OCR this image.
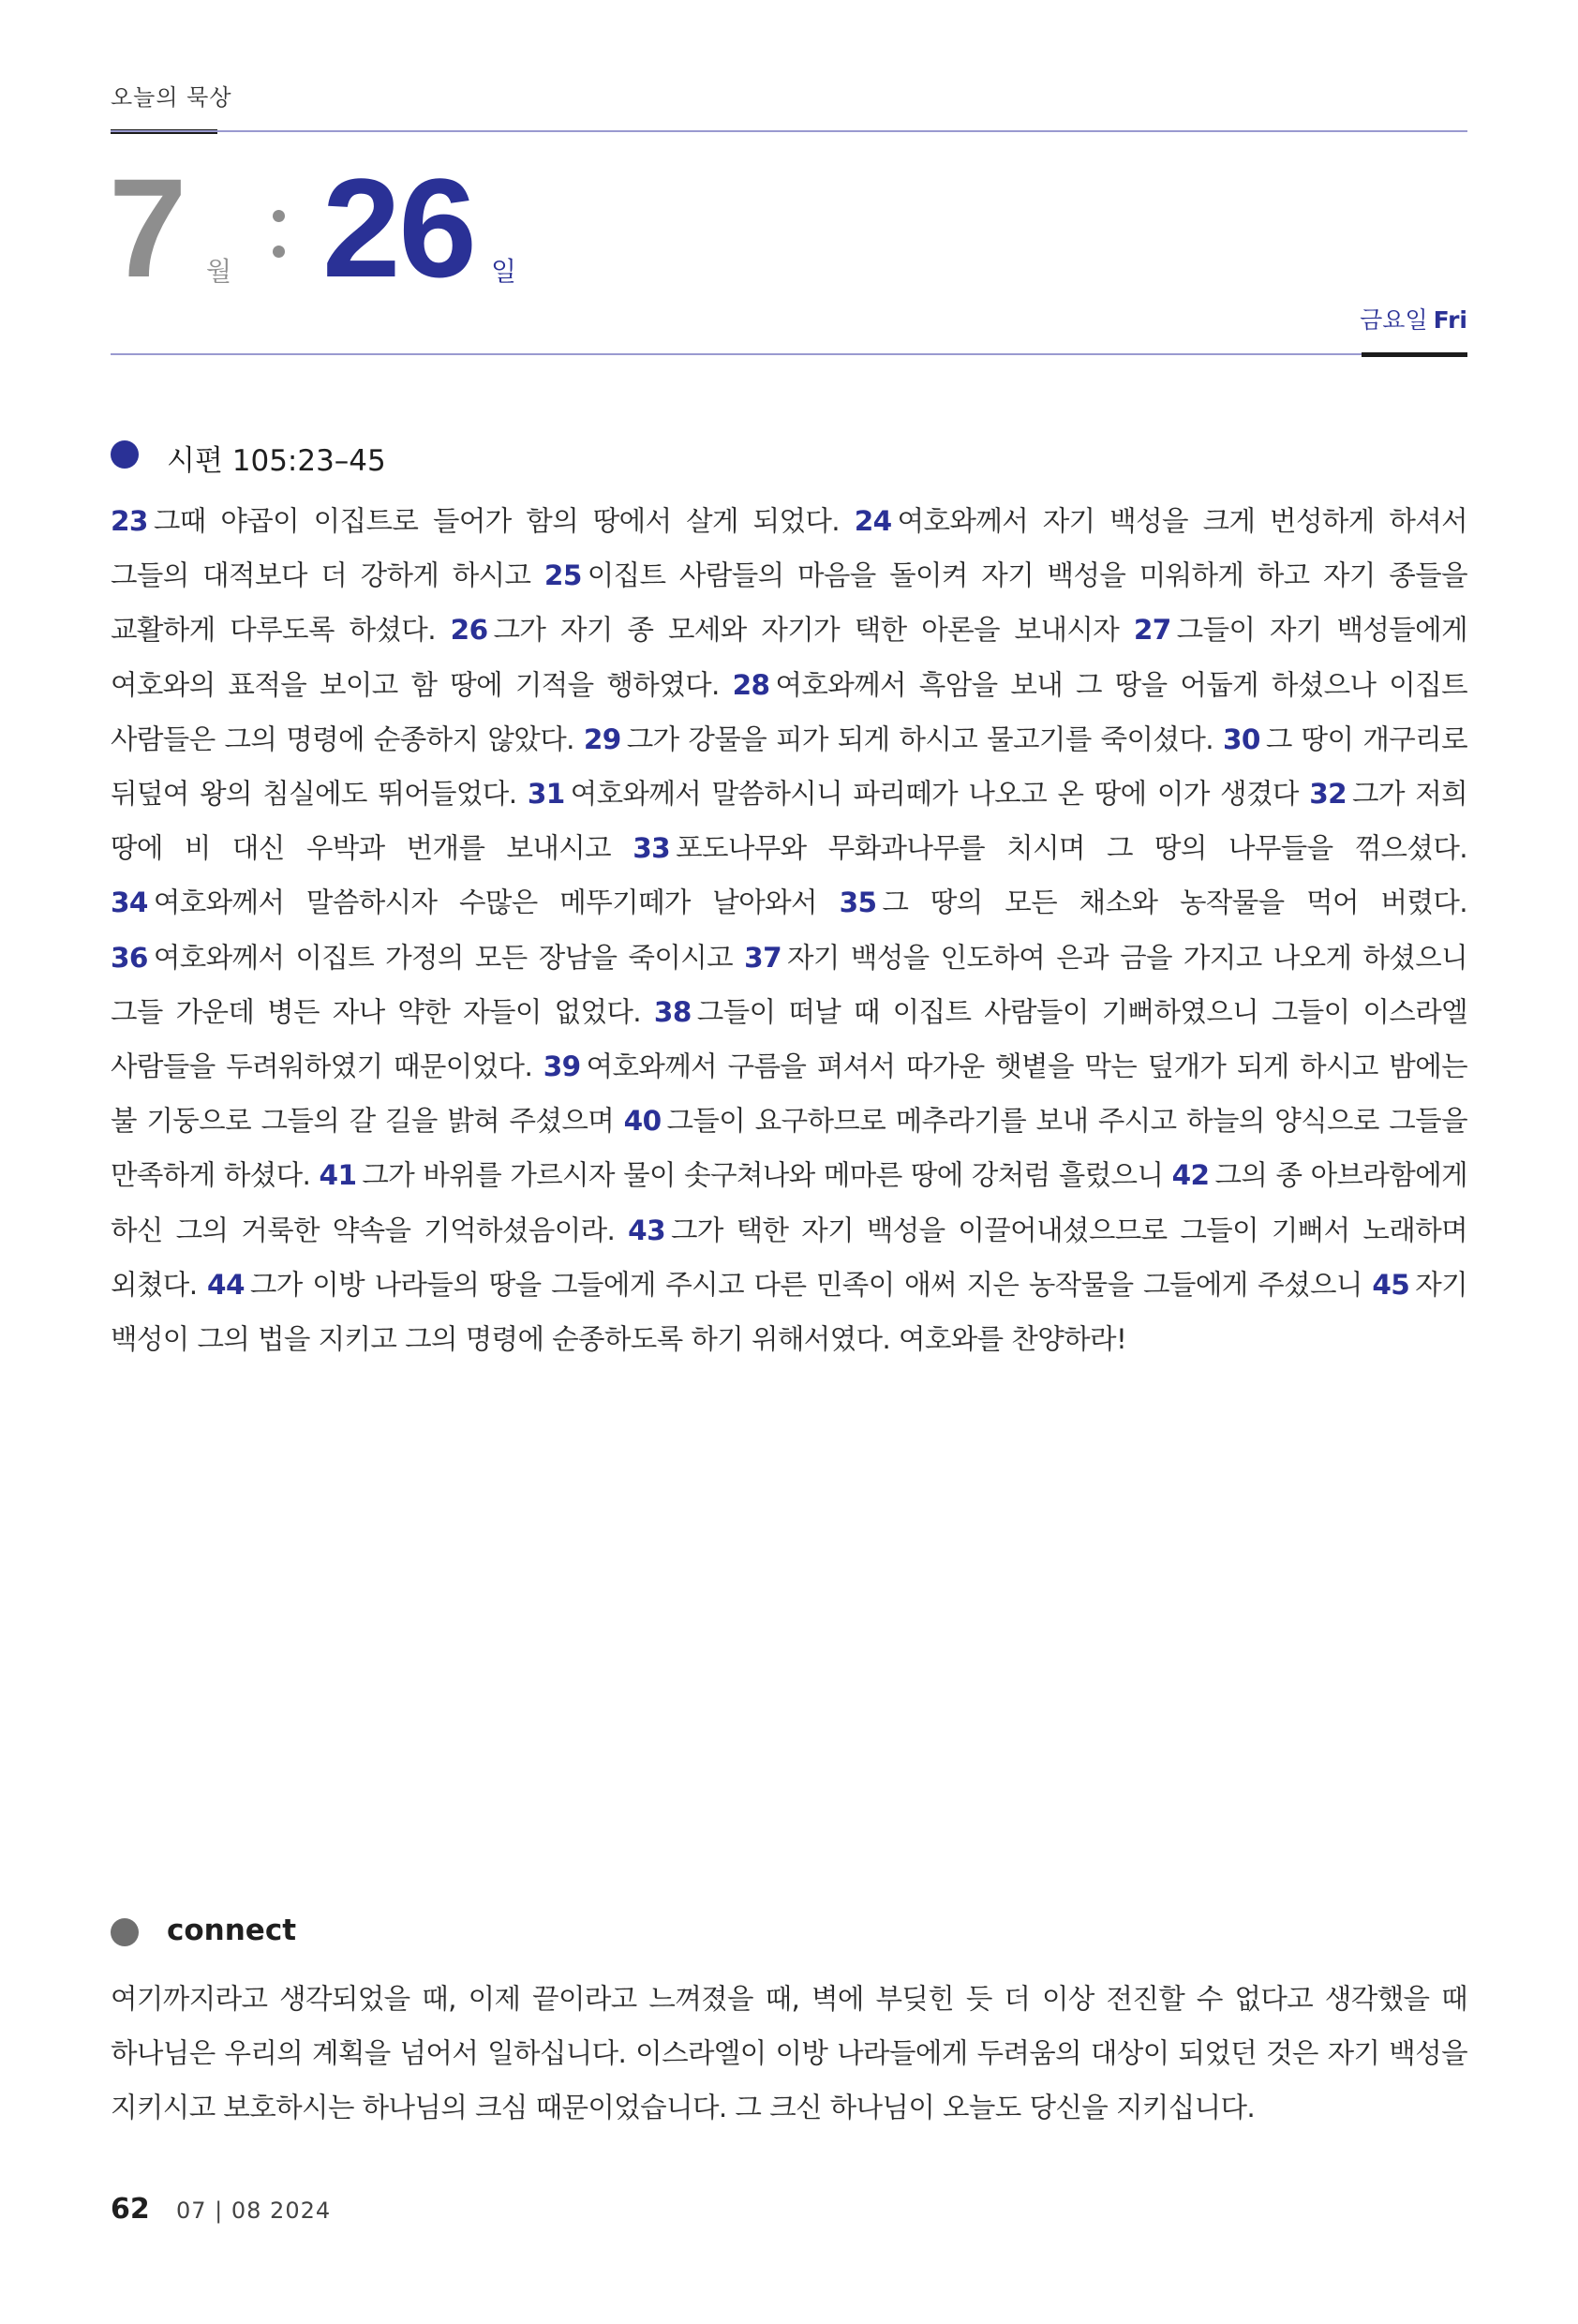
오늘의 묵상
7 월 26 일
금요일 Fri
시편 105:23–45
23 그때 야곱이 이집트로 들어가 함의 땅에서 살게 되었다. 24 여호와께서 자기 백성을 크게 번성하게 하셔서 그들의 대적보다 더 강하게 하시고 25 이집트 사람들의 마음을 돌이켜 자기 백성을 미워하게 하고 자기 종들을 교활하게 다루도록 하셨다. 26 그가 자기 종 모세와 자기가 택한 아론을 보내시자 27 그들이 자기 백성들에게 여호와의 표적을 보이고 함 땅에 기적을 행하였다. 28 여호와께서 흑암을 보내 그 땅을 어둡게 하셨으나 이집트 사람들은 그의 명령에 순종하지 않았다. 29 그가 강물을 피가 되게 하시고 물고기를 죽이셨다. 30 그 땅이 개구리로 뒤덮여 왕의 침실에도 뛰어들었다. 31 여호와께서 말씀하시니 파리떼가 나오고 온 땅에 이가 생겼다 32 그가 저희 땅에 비 대신 우박과 번개를 보내시고 33 포도나무와 무화과나무를 치시며 그 땅의 나무들을 꺾으셨다. 34 여호와께서 말씀하시자 수많은 메뚜기떼가 날아와서 35 그 땅의 모든 채소와 농작물을 먹어 버렸다. 36 여호와께서 이집트 가정의 모든 장남을 죽이시고 37 자기 백성을 인도하여 은과 금을 가지고 나오게 하셨으니 그들 가운데 병든 자나 약한 자들이 없었다. 38 그들이 떠날 때 이집트 사람들이 기뻐하였으니 그들이 이스라엘 사람들을 두려워하였기 때문이었다. 39 여호와께서 구름을 펴셔서 따가운 햇볕을 막는 덮개가 되게 하시고 밤에는 불 기둥으로 그들의 갈 길을 밝혀 주셨으며 40 그들이 요구하므로 메추라기를 보내 주시고 하늘의 양식으로 그들을 만족하게 하셨다. 41 그가 바위를 가르시자 물이 솟구쳐나와 메마른 땅에 강처럼 흘렀으니 42 그의 종 아브라함에게 하신 그의 거룩한 약속을 기억하셨음이라. 43 그가 택한 자기 백성을 이끌어내셨으므로 그들이 기뻐서 노래하며 외쳤다. 44 그가 이방 나라들의 땅을 그들에게 주시고 다른 민족이 애써 지은 농작물을 그들에게 주셨으니 45 자기 백성이 그의 법을 지키고 그의 명령에 순종하도록 하기 위해서였다. 여호와를 찬양하라!
connect
여기까지라고 생각되었을 때, 이제 끝이라고 느껴졌을 때, 벽에 부딪힌 듯 더 이상 전진할 수 없다고 생각했을 때 하나님은 우리의 계획을 넘어서 일하십니다. 이스라엘이 이방 나라들에게 두려움의 대상이 되었던 것은 자기 백성을 지키시고 보호하시는 하나님의 크심 때문이었습니다. 그 크신 하나님이 오늘도 당신을 지키십니다.
62 07 | 08 2024
